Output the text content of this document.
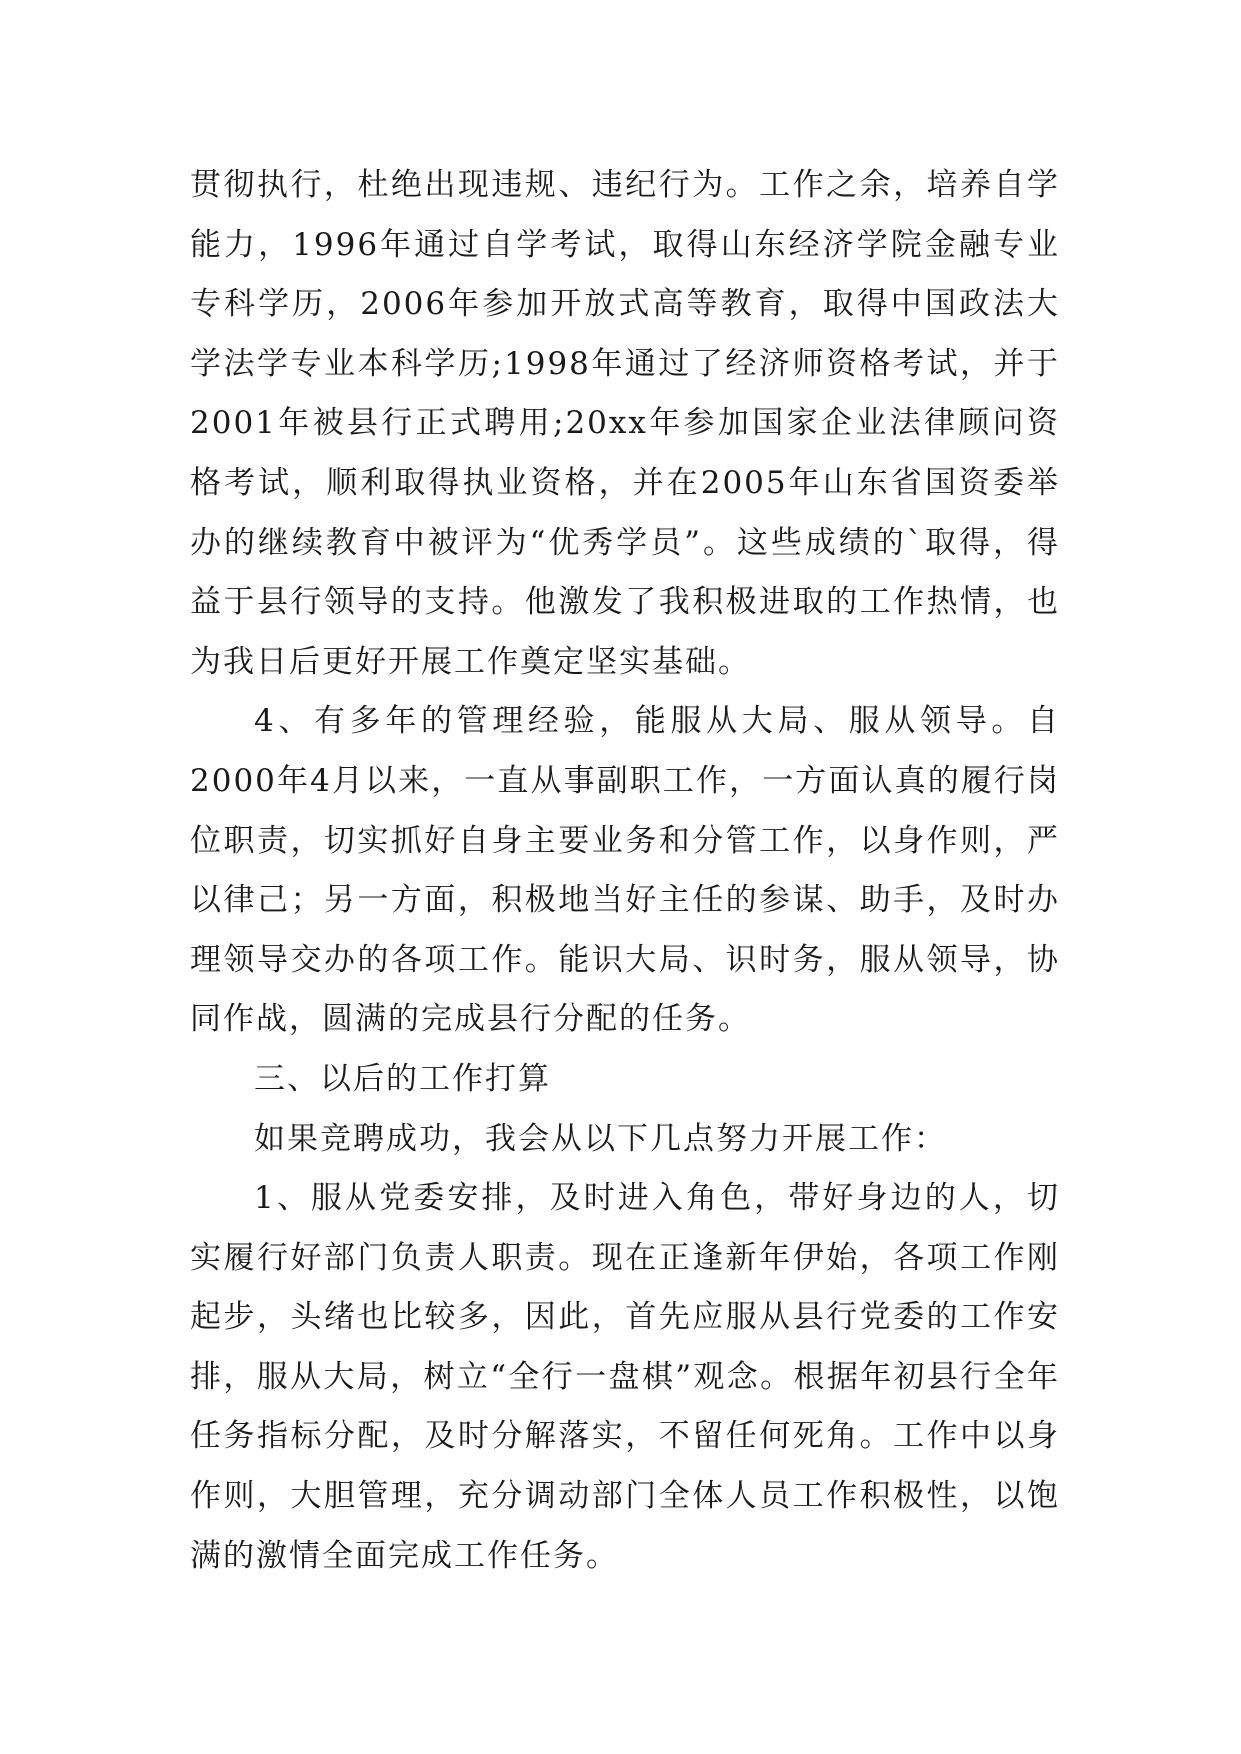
贯彻执行，杜绝出现违规、违纪行为。工作之余，培养自学能力，1996年通过自学考试，取得山东经济学院金融专业专科学历，2006年参加开放式高等教育，取得中国政法大学法学专业本科学历;1998年通过了经济师资格考试，并于2001年被县行正式聘用;20xx年参加国家企业法律顾问资格考试，顺利取得执业资格，并在2005年山东省国资委举办的继续教育中被评为“优秀学员”。这些成绩的`取得，得益于县行领导的支持。他激发了我积极进取的工作热情，也为我日后更好开展工作奠定坚实基础。

4、有多年的管理经验，能服从大局、服从领导。自2000年4月以来，一直从事副职工作，一方面认真的履行岗位职责，切实抓好自身主要业务和分管工作，以身作则，严以律己；另一方面，积极地当好主任的参谋、助手，及时办理领导交办的各项工作。能识大局、识时务，服从领导，协同作战，圆满的完成县行分配的任务。

三、以后的工作打算

如果竞聘成功，我会从以下几点努力开展工作：

1、服从党委安排，及时进入角色，带好身边的人，切实履行好部门负责人职责。现在正逢新年伊始，各项工作刚起步，头绪也比较多，因此，首先应服从县行党委的工作安排，服从大局，树立“全行一盘棋”观念。根据年初县行全年任务指标分配，及时分解落实，不留任何死角。工作中以身作则，大胆管理，充分调动部门全体人员工作积极性，以饱满的激情全面完成工作任务。
